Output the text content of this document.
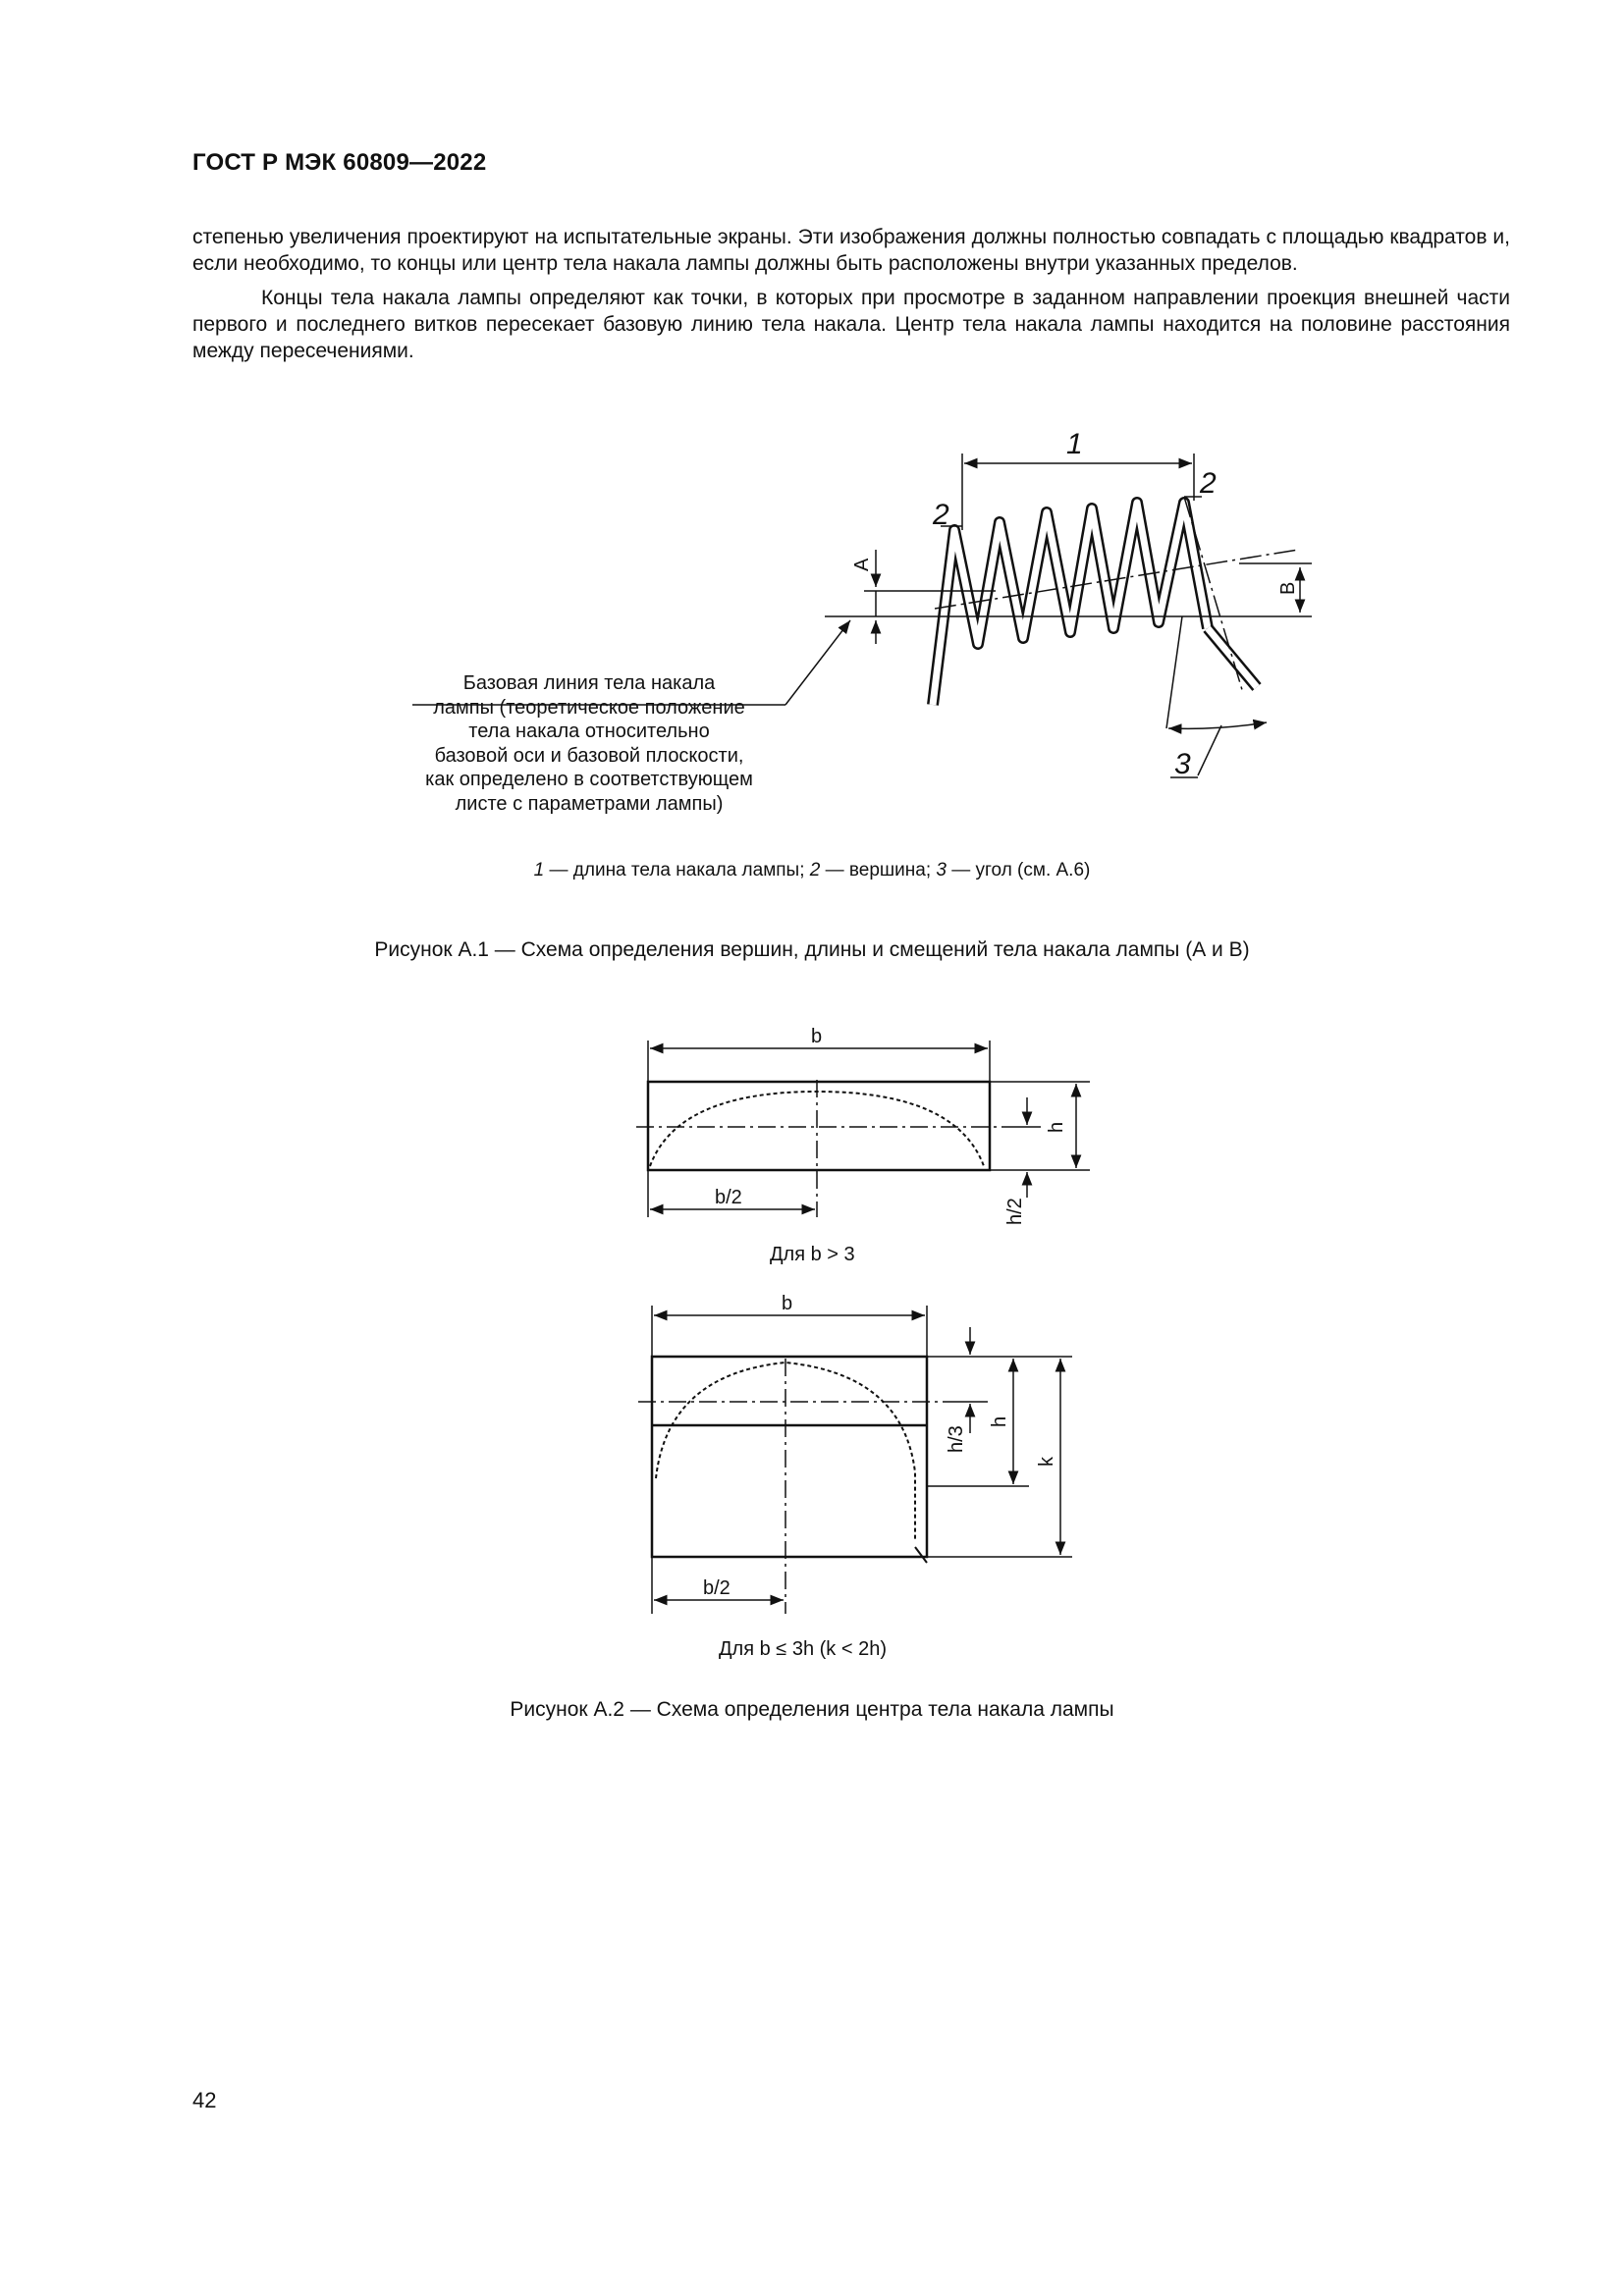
ГОСТ Р МЭК 60809—2022

степенью увеличения проектируют на испытательные экраны. Эти изображения должны полностью совпадать с площадью квадратов и, если необходимо, то концы или центр тела накала лампы должны быть расположены внутри указанных пределов.

Концы тела накала лампы определяют как точки, в которых при просмотре в заданном направлении проекция внешней части первого и последнего витков пересекает базовую линию тела накала. Центр тела накала лампы находится на половине расстояния между пересечениями.

1
2
2
3
A
B
Базовая линия тела накала
лампы (теоретическое положение
тела накала относительно
базовой оси и базовой плоскости,
как определено в соответствующем
листе с параметрами лампы)
1 — длина тела накала лампы; 2 — вершина; 3 — угол (см. А.6)
Рисунок А.1 — Схема определения вершин, длины и смещений тела накала лампы (А и В)
b
b/2
h
h/2
Для b > 3
b
b/2
h/3
h
k
Для b ≤ 3h (k < 2h)
Рисунок А.2 — Схема определения центра тела накала лампы
42
